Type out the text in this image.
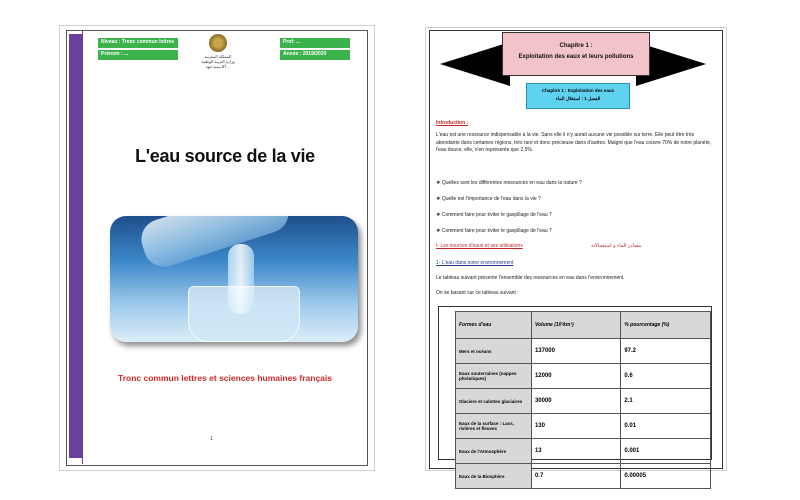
Niveau : Tronc commun lettres
Prénom : ...
Prof: ...
Année : 2019/2020
المملكة المغربية
وزارة التربية الوطنية
أكاديمية جهة ...
L'eau source de la vie
Tronc commun lettres et sciences humaines français
1
Chapitre 1 :
Exploitation des eaux et leurs pollutions
Chapitre 1 : Exploitation des eaux
الفصل 1 : استغلال الماء
Introduction :
L'eau est une ressource indispensable à la vie. Sans elle il n'y aurait aucune vie possible sur terre. Elle peut être très abondante dans certaines régions, très rare et donc précieuse dans d'autres. Malgré que l'eau couvre 70% de notre planète, l'eau douce, elle, n'en représente que 2,5%.
❖ Quelles sont les différentes ressources en eau dans la nature ?
❖ Quelle est l'importance de l'eau dans la vie ?
❖ Comment faire pour éviter le gaspillage de l'eau ?
❖ Comment faire pour éviter le gaspillage de l'eau ?
I- Les sources d'eaux et ses utilisations	مصادر الماء و استعمالاته
1- L'eau dans notre environnement
Le tableau suivant présente l'ensemble des ressources en eau dans l'environnement.
On se basant sur ce tableau suivant :
Formes d'eau	Volume (10³km³)	% pourcentage (%)
Mers et océans	137000	97.2
Eaux souterraines (nappes phréatiques)	12000	0.6
Glaciers et calottes glaciaires	30000	2.1
Eaux de la surface : Lacs, rivières et fleuves	130	0.01
Eaux de l'Atmosphère	13	0.001
Eaux de la Biosphère	0.7	0.00005
